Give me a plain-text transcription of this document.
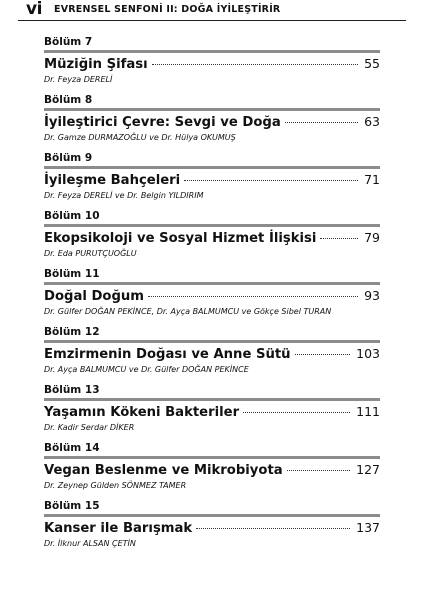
vi EVRENSEL SENFONİ II: DOĞA İYİLEŞTİRİR
Bölüm 7
Müziğin Şifası	55
Dr. Feyza DERELİ
Bölüm 8
İyileştirici Çevre: Sevgi ve Doğa	63
Dr. Gamze DURMAZOĞLU ve Dr. Hülya OKUMUŞ
Bölüm 9
İyileşme Bahçeleri	71
Dr. Feyza DERELİ ve Dr. Belgin YILDIRIM
Bölüm 10
Ekopsikoloji ve Sosyal Hizmet İlişkisi	79
Dr. Eda PURUTÇUOĞLU
Bölüm 11
Doğal Doğum	93
Dr. Gülfer DOĞAN PEKİNCE, Dr. Ayça BALMUMCU ve Gökçe Sibel TURAN
Bölüm 12
Emzirmenin Doğası ve Anne Sütü	103
Dr. Ayça BALMUMCU ve Dr. Gülfer DOĞAN PEKİNCE
Bölüm 13
Yaşamın Kökeni Bakteriler	111
Dr. Kadir Serdar DİKER
Bölüm 14
Vegan Beslenme ve Mikrobiyota	127
Dr. Zeynep Gülden SÖNMEZ TAMER
Bölüm 15
Kanser ile Barışmak	137
Dr. İlknur ALSAN ÇETİN
